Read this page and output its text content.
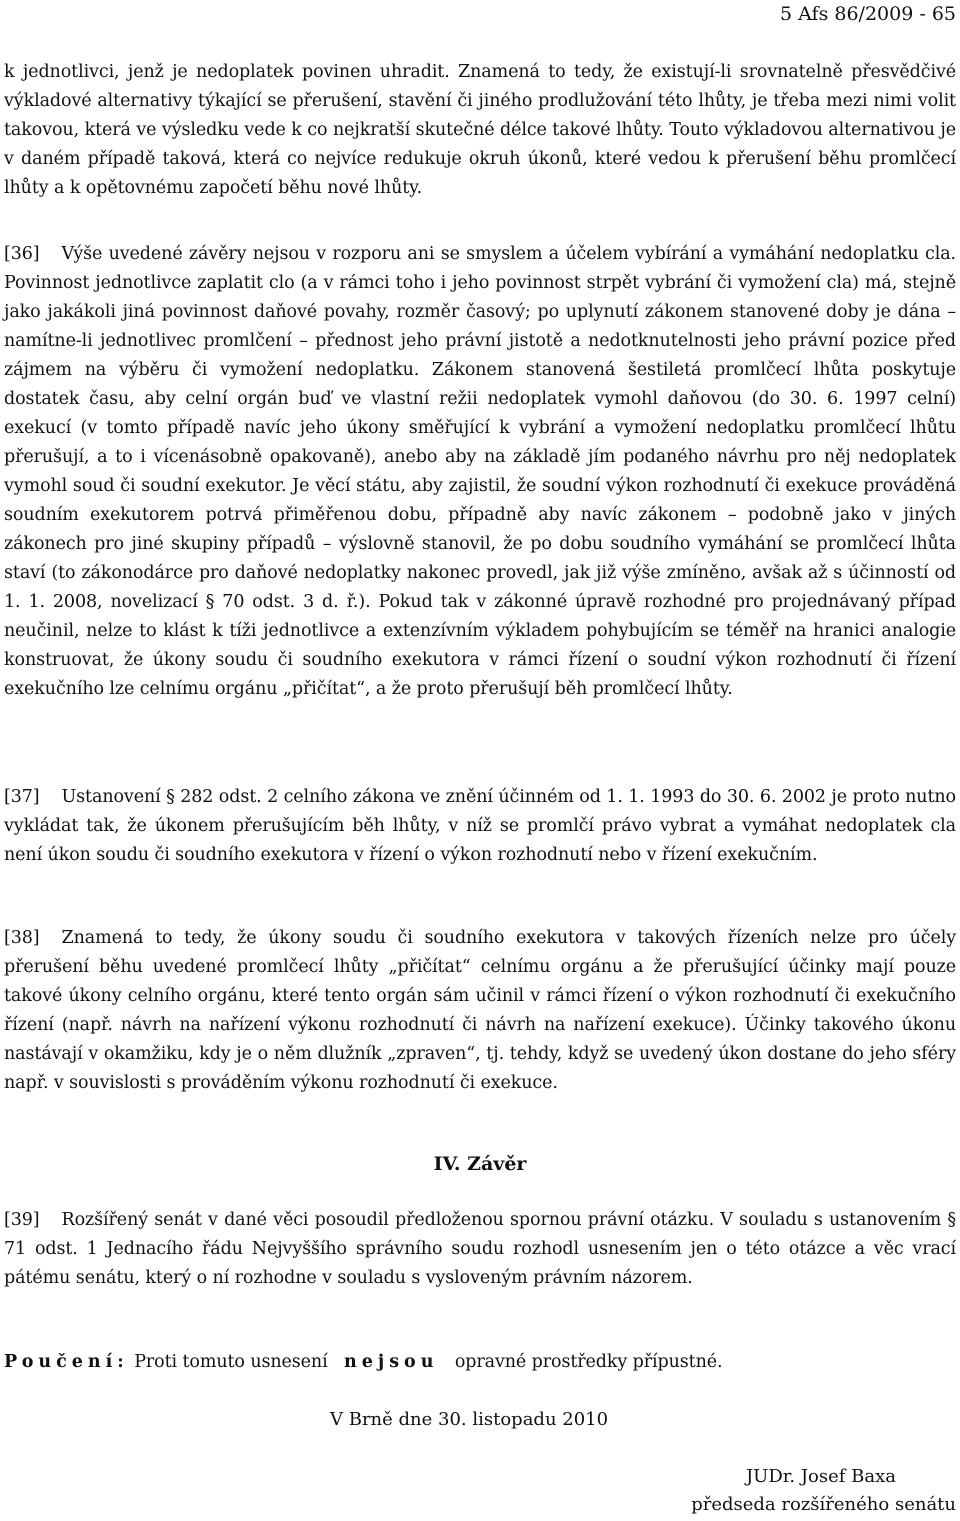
5 Afs 86/2009 - 65

k jednotlivci, jenž je nedoplatek povinen uhradit. Znamená to tedy, že existují-li srovnatelně přesvědčivé výkladové alternativy týkající se přerušení, stavění či jiného prodlužování této lhůty, je třeba mezi nimi volit takovou, která ve výsledku vede k co nejkratší skutečné délce takové lhůty. Touto výkladovou alternativou je v daném případě taková, která co nejvíce redukuje okruh úkonů, které vedou k přerušení běhu promlčecí lhůty a k opětovnému započetí běhu nové lhůty.

[36] Výše uvedené závěry nejsou v rozporu ani se smyslem a účelem vybírání a vymáhání nedoplatku cla. Povinnost jednotlivce zaplatit clo (a v rámci toho i jeho povinnost strpět vybrání či vymožení cla) má, stejně jako jakákoli jiná povinnost daňové povahy, rozměr časový; po uplynutí zákonem stanovené doby je dána – namítne-li jednotlivec promlčení – přednost jeho právní jistotě a nedotknutelnosti jeho právní pozice před zájmem na výběru či vymožení nedoplatku. Zákonem stanovená šestiletá promlčecí lhůta poskytuje dostatek času, aby celní orgán buď ve vlastní režii nedoplatek vymohl daňovou (do 30. 6. 1997 celní) exekucí (v tomto případě navíc jeho úkony směřující k vybrání a vymožení nedoplatku promlčecí lhůtu přerušují, a to i vícenásobně opakovaně), anebo aby na základě jím podaného návrhu pro něj nedoplatek vymohl soud či soudní exekutor. Je věcí státu, aby zajistil, že soudní výkon rozhodnutí či exekuce prováděná soudním exekutorem potrvá přiměřenou dobu, případně aby navíc zákonem – podobně jako v jiných zákonech pro jiné skupiny případů – výslovně stanovil, že po dobu soudního vymáhání se promlčecí lhůta staví (to zákonodárce pro daňové nedoplatky nakonec provedl, jak již výše zmíněno, avšak až s účinností od 1. 1. 2008, novelizací § 70 odst. 3 d. ř.). Pokud tak v zákonné úpravě rozhodné pro projednávaný případ neučinil, nelze to klást k tíži jednotlivce a extenzívním výkladem pohybujícím se téměř na hranici analogie konstruovat, že úkony soudu či soudního exekutora v rámci řízení o soudní výkon rozhodnutí či řízení exekučního lze celnímu orgánu „přičítat“, a že proto přerušují běh promlčecí lhůty.

[37] Ustanovení § 282 odst. 2 celního zákona ve znění účinném od 1. 1. 1993 do 30. 6. 2002 je proto nutno vykládat tak, že úkonem přerušujícím běh lhůty, v níž se promlčí právo vybrat a vymáhat nedoplatek cla není úkon soudu či soudního exekutora v řízení o výkon rozhodnutí nebo v řízení exekučním.

[38] Znamená to tedy, že úkony soudu či soudního exekutora v takových řízeních nelze pro účely přerušení běhu uvedené promlčecí lhůty „přičítat“ celnímu orgánu a že přerušující účinky mají pouze takové úkony celního orgánu, které tento orgán sám učinil v rámci řízení o výkon rozhodnutí či exekučního řízení (např. návrh na nařízení výkonu rozhodnutí či návrh na nařízení exekuce). Účinky takového úkonu nastávají v okamžiku, kdy je o něm dlužník „zpraven“, tj. tehdy, když se uvedený úkon dostane do jeho sféry např. v souvislosti s prováděním výkonu rozhodnutí či exekuce.

IV. Závěr

[39] Rozšířený senát v dané věci posoudil předloženou spornou právní otázku. V souladu s ustanovením § 71 odst. 1 Jednacího řádu Nejvyššího správního soudu rozhodl usnesením jen o této otázce a věc vrací pátému senátu, který o ní rozhodne v souladu s vysloveným právním názorem.

Poučení: Proti tomuto usnesení nejsou opravné prostředky přípustné.

V Brně dne 30. listopadu 2010
JUDr. Josef Baxa
předseda rozšířeného senátu
